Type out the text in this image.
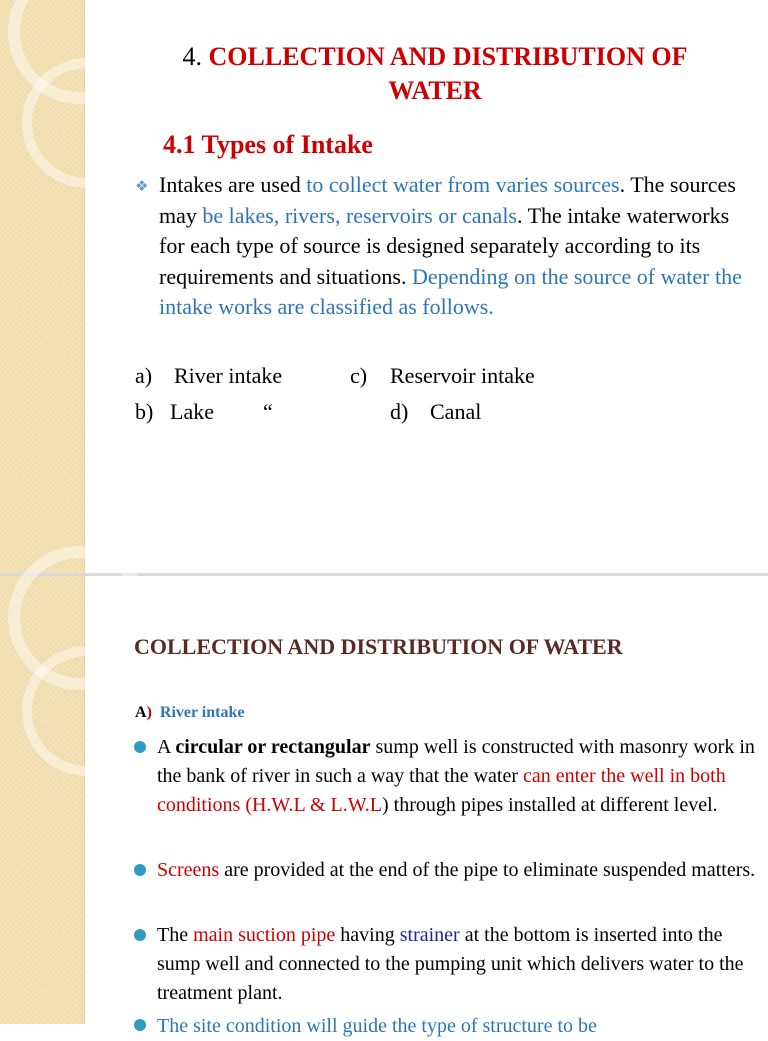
4. COLLECTION AND DISTRIBUTION OF
WATER
4.1 Types of Intake
❖ Intakes are used to collect water from varies sources. The sources may be lakes, rivers, reservoirs or canals. The intake waterworks for each type of source is designed separately according to its requirements and situations. Depending on the source of water the intake works are classified as follows.
a) River intake	c) Reservoir intake
b) Lake “	d) Canal
COLLECTION AND DISTRIBUTION OF WATER
A) River intake
A circular or rectangular sump well is constructed with masonry work in the bank of river in such a way that the water can enter the well in both conditions (H.W.L & L.W.L) through pipes installed at different level.
Screens are provided at the end of the pipe to eliminate suspended matters.
The main suction pipe having strainer at the bottom is inserted into the sump well and connected to the pumping unit which delivers water to the treatment plant.
The site condition will guide the type of structure to be
